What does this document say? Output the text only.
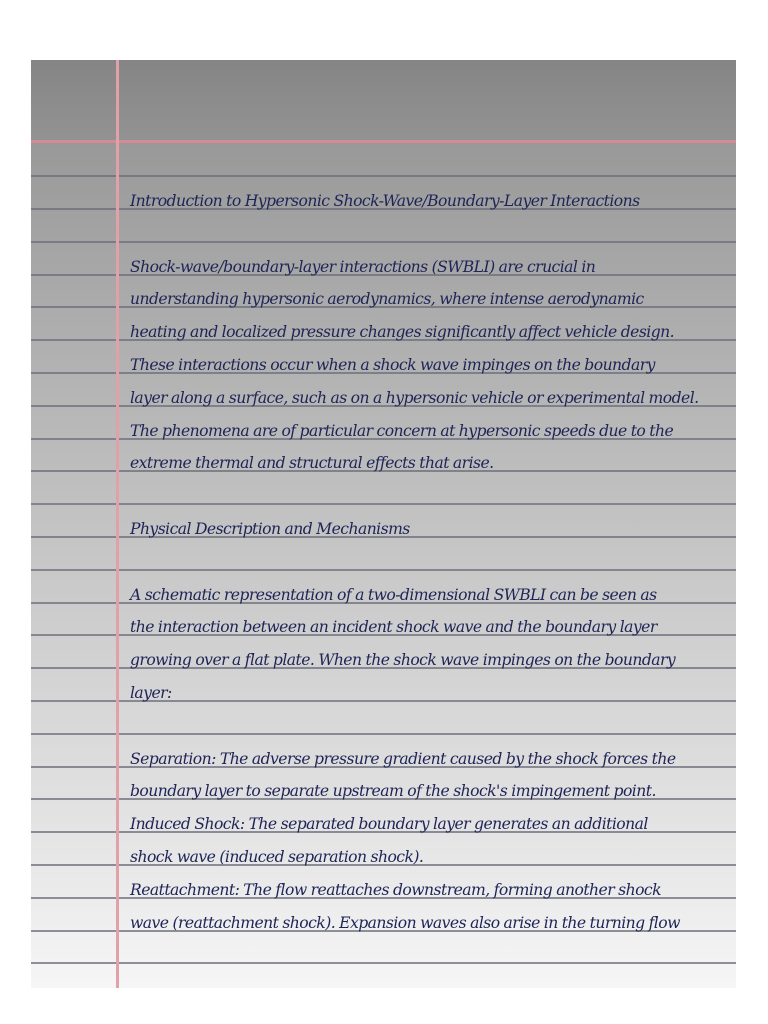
Introduction to Hypersonic Shock-Wave/Boundary-Layer Interactions
Shock-wave/boundary-layer interactions (SWBLI) are crucial in
understanding hypersonic aerodynamics, where intense aerodynamic
heating and localized pressure changes significantly affect vehicle design.
These interactions occur when a shock wave impinges on the boundary
layer along a surface, such as on a hypersonic vehicle or experimental model.
The phenomena are of particular concern at hypersonic speeds due to the
extreme thermal and structural effects that arise.
Physical Description and Mechanisms
A schematic representation of a two-dimensional SWBLI can be seen as
the interaction between an incident shock wave and the boundary layer
growing over a flat plate. When the shock wave impinges on the boundary
layer:
Separation: The adverse pressure gradient caused by the shock forces the
boundary layer to separate upstream of the shock's impingement point.
Induced Shock: The separated boundary layer generates an additional
shock wave (induced separation shock).
Reattachment: The flow reattaches downstream, forming another shock
wave (reattachment shock). Expansion waves also arise in the turning flow
